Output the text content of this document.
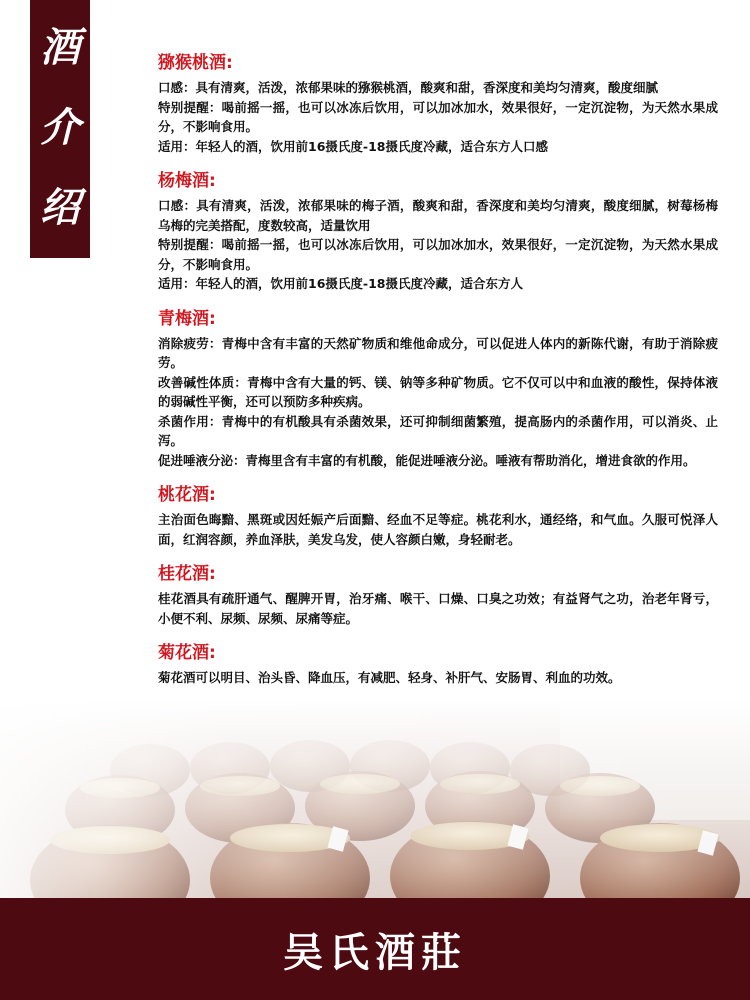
酒
介
绍
猕猴桃酒:

口感：具有清爽，活泼，浓郁果味的猕猴桃酒，酸爽和甜，香深度和美均匀清爽，酸度细腻

特别提醒：喝前摇一摇，也可以冰冻后饮用，可以加冰加水，效果很好，一定沉淀物，为天然水果成分，不影响食用。

适用：年轻人的酒，饮用前16摄氏度-18摄氏度冷藏，适合东方人口感

杨梅酒:

口感：具有清爽，活泼，浓郁果味的梅子酒，酸爽和甜，香深度和美均匀清爽，酸度细腻，树莓杨梅乌梅的完美搭配，度数较高，适量饮用

特别提醒：喝前摇一摇，也可以冰冻后饮用，可以加冰加水，效果很好，一定沉淀物，为天然水果成分，不影响食用。

适用：年轻人的酒，饮用前16摄氏度-18摄氏度冷藏，适合东方人

青梅酒:

消除疲劳：青梅中含有丰富的天然矿物质和维他命成分，可以促进人体内的新陈代谢，有助于消除疲劳。

改善碱性体质：青梅中含有大量的钙、镁、钠等多种矿物质。它不仅可以中和血液的酸性，保持体液的弱碱性平衡，还可以预防多种疾病。

杀菌作用：青梅中的有机酸具有杀菌效果，还可抑制细菌繁殖，提高肠内的杀菌作用，可以消炎、止泻。

促进唾液分泌：青梅里含有丰富的有机酸，能促进唾液分泌。唾液有帮助消化，增进食欲的作用。

桃花酒:

主治面色晦黯、黑斑或因妊娠产后面黯、经血不足等症。桃花利水，通经络，和气血。久服可悦泽人面，红润容颜，养血泽肤，美发乌发，使人容颜白嫩，身轻耐老。

桂花酒:

桂花酒具有疏肝通气、醒脾开胃，治牙痛、喉干、口燥、口臭之功效；有益肾气之功，治老年肾亏，小便不利、尿频、尿频、尿痛等症。

菊花酒:

菊花酒可以明目、治头昏、降血压，有减肥、轻身、补肝气、安肠胃、利血的功效。

吴氏酒莊
